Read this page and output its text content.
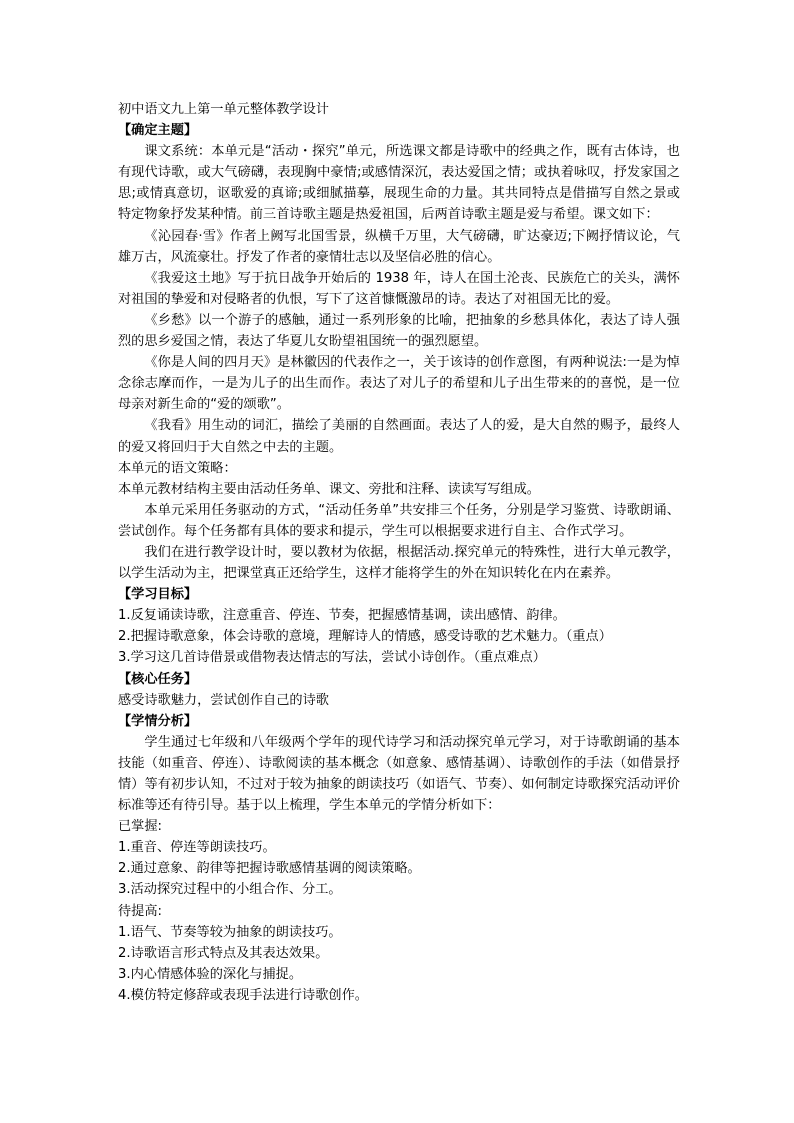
初中语文九上第一单元整体教学设计

【确定主题】

课文系统：本单元是“活动・探究”单元，所选课文都是诗歌中的经典之作，既有古体诗，也有现代诗歌，或大气磅礴，表现胸中豪情;或感情深沉，表达爱国之情；或执着咏叹，抒发家国之思;或情真意切，讴歌爱的真谛;或细腻描摹，展现生命的力量。其共同特点是借描写自然之景或特定物象抒发某种情。前三首诗歌主题是热爱祖国，后两首诗歌主题是爱与希望。课文如下：

《沁园春·雪》作者上阙写北国雪景，纵横千万里，大气磅礴，旷达豪迈;下阙抒情议论，气雄万古，风流豪壮。抒发了作者的豪情壮志以及坚信必胜的信心。

《我爱这土地》写于抗日战争开始后的 1938 年，诗人在国土沦丧、民族危亡的关头，满怀对祖国的挚爱和对侵略者的仇恨，写下了这首慷慨激昂的诗。表达了对祖国无比的爱。

《乡愁》以一个游子的感触，通过一系列形象的比喻，把抽象的乡愁具体化，表达了诗人强烈的思乡爱国之情，表达了华夏儿女盼望祖国统一的强烈愿望。

《你是人间的四月天》是林徽因的代表作之一，关于该诗的创作意图，有两种说法:一是为悼念徐志摩而作，一是为儿子的出生而作。表达了对儿子的希望和儿子出生带来的的喜悦，是一位母亲对新生命的“爱的颂歌”。

《我看》用生动的词汇，描绘了美丽的自然画面。表达了人的爱，是大自然的赐予，最终人的爱又将回归于大自然之中去的主题。

本单元的语文策略：

本单元教材结构主要由活动任务单、课文、旁批和注释、读读写写组成。

本单元采用任务驱动的方式，“活动任务单”共安排三个任务，分别是学习鉴赏、诗歌朗诵、尝试创作。每个任务都有具体的要求和提示，学生可以根据要求进行自主、合作式学习。

我们在进行教学设计时，要以教材为依据，根据活动.探究单元的特殊性，进行大单元教学，以学生活动为主，把课堂真正还给学生，这样才能将学生的外在知识转化在内在素养。

【学习目标】

1.反复诵读诗歌，注意重音、停连、节奏，把握感情基调，读出感情、韵律。

2.把握诗歌意象，体会诗歌的意境，理解诗人的情感，感受诗歌的艺术魅力。（重点）

3.学习这几首诗借景或借物表达情志的写法，尝试小诗创作。（重点难点）

【核心任务】

感受诗歌魅力，尝试创作自己的诗歌

【学情分析】

学生通过七年级和八年级两个学年的现代诗学习和活动探究单元学习，对于诗歌朗诵的基本技能（如重音、停连）、诗歌阅读的基本概念（如意象、感情基调）、诗歌创作的手法（如借景抒情）等有初步认知，不过对于较为抽象的朗读技巧（如语气、节奏）、如何制定诗歌探究活动评价标准等还有待引导。基于以上梳理，学生本单元的学情分析如下：

已掌握:

1.重音、停连等朗读技巧。

2.通过意象、韵律等把握诗歌感情基调的阅读策略。

3.活动探究过程中的小组合作、分工。

待提高:

1.语气、节奏等较为抽象的朗读技巧。

2.诗歌语言形式特点及其表达效果。

3.内心情感体验的深化与捕捉。

4.模仿特定修辞或表现手法进行诗歌创作。
